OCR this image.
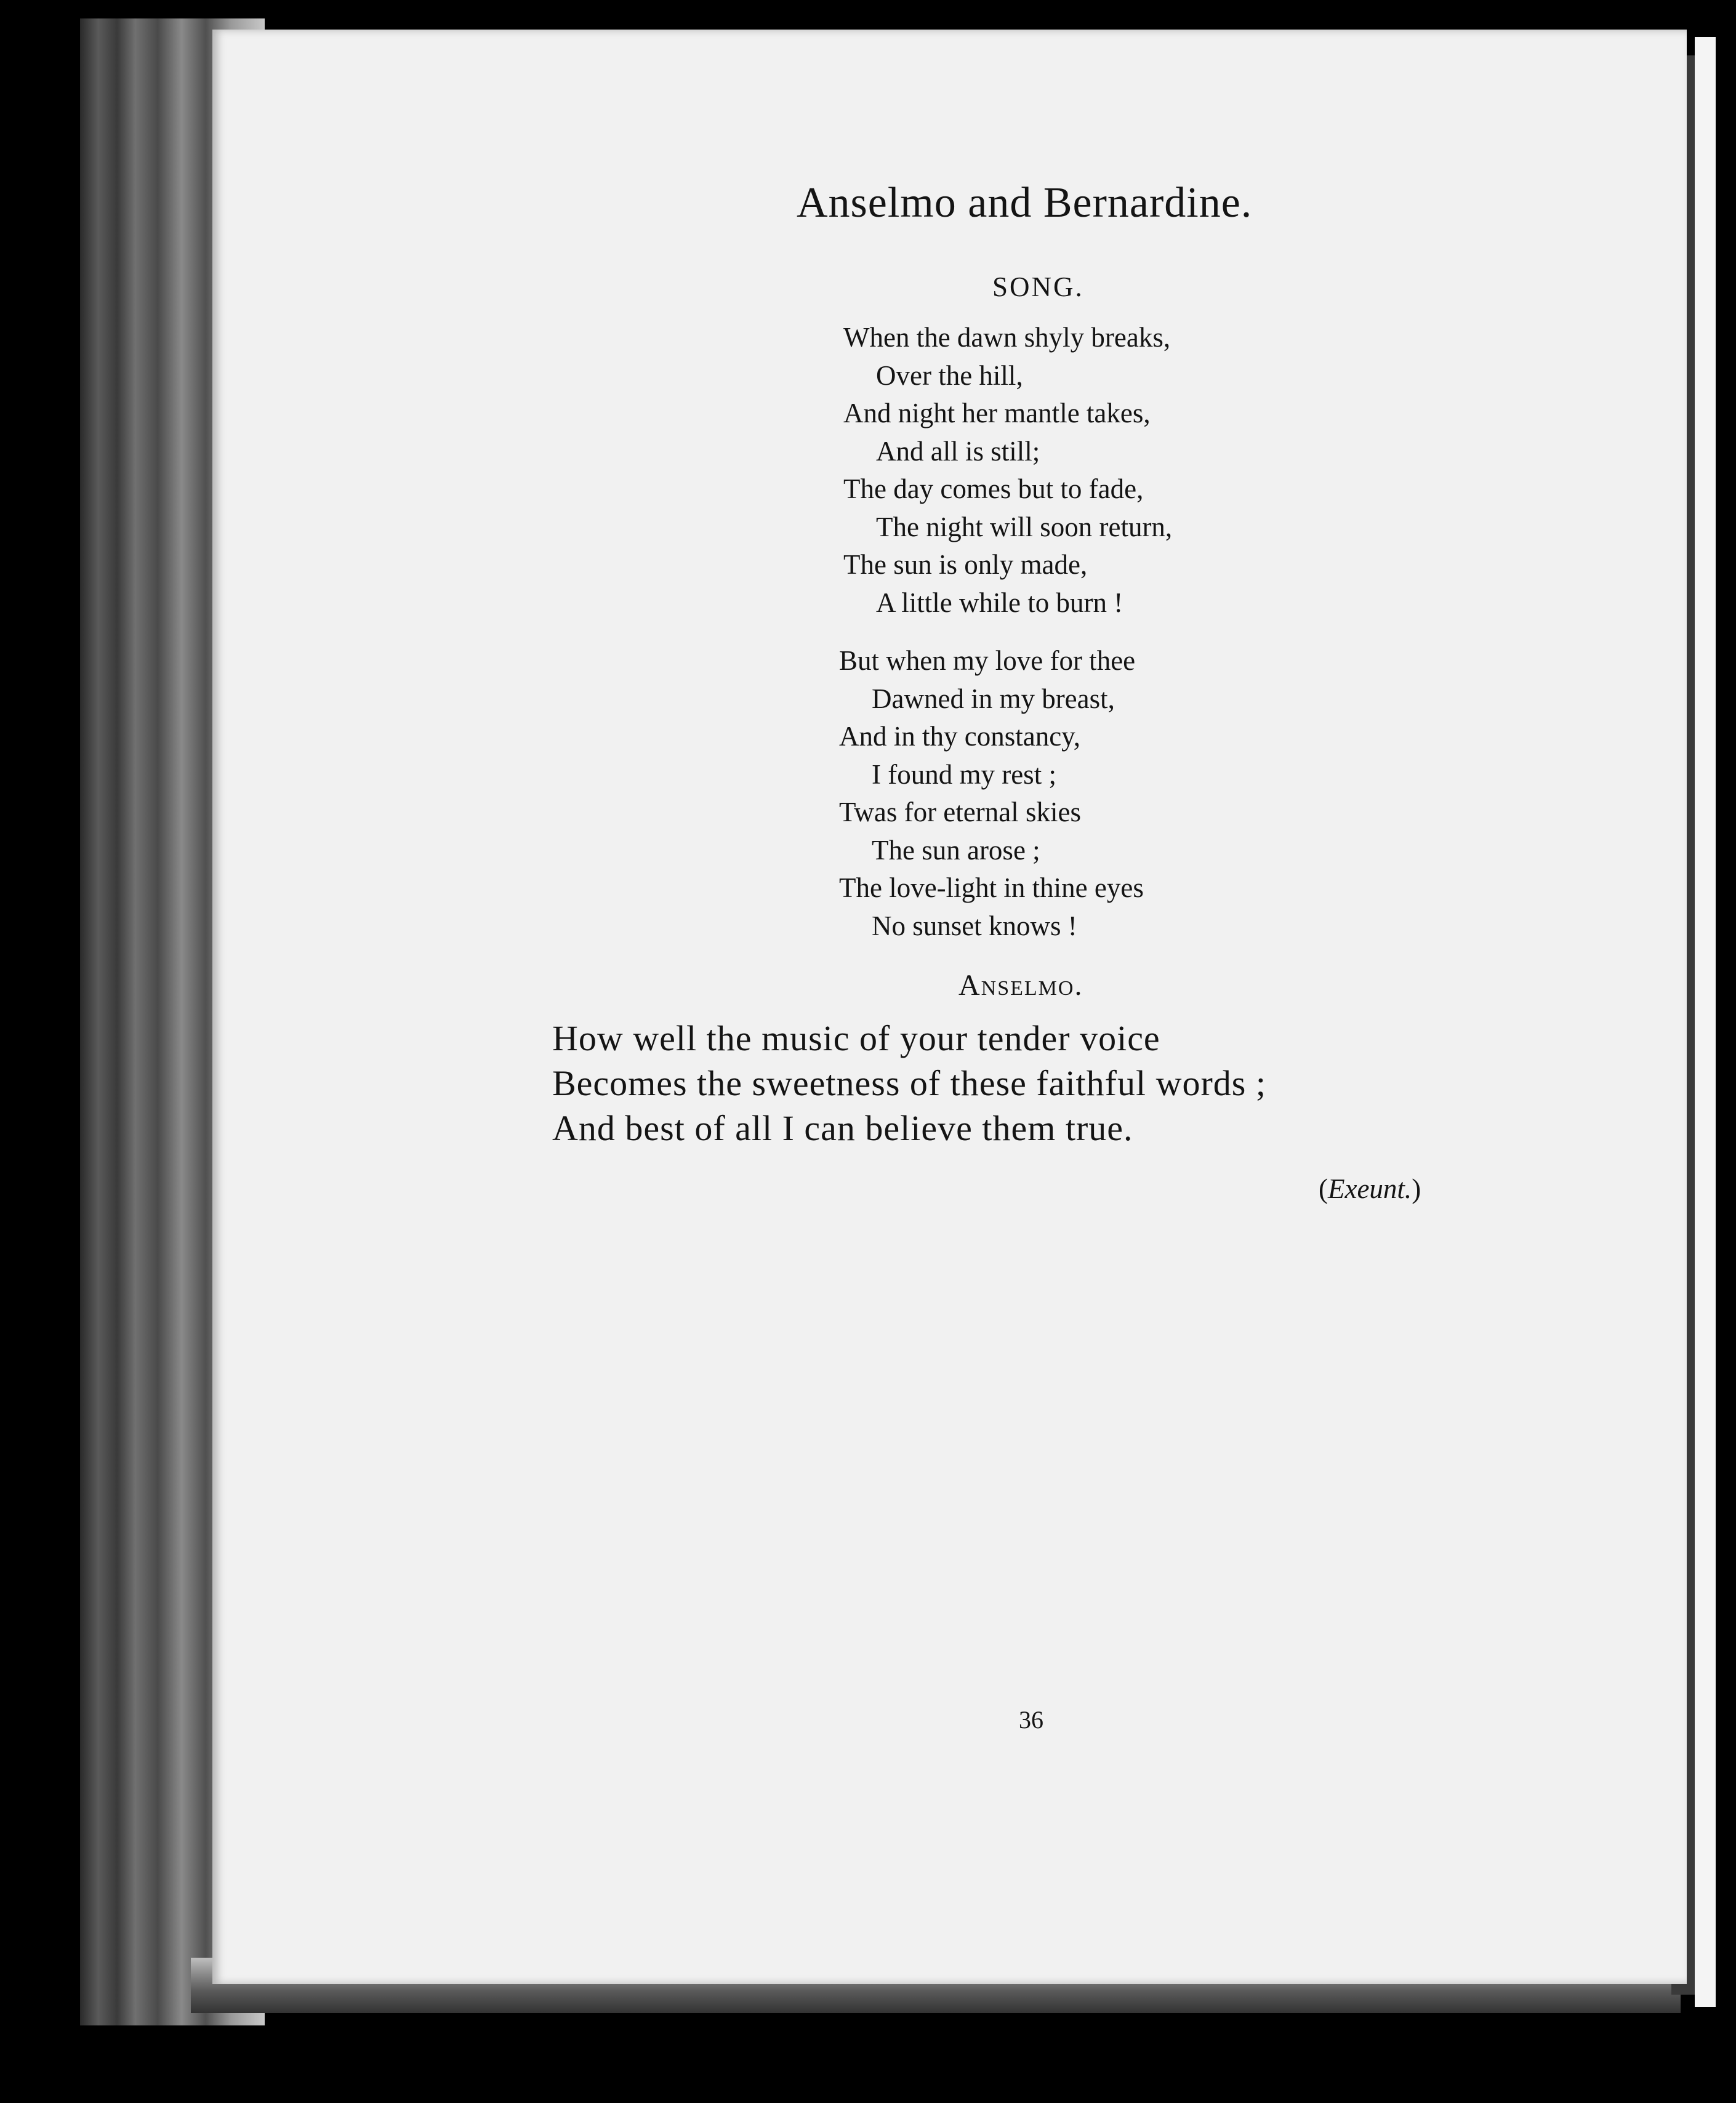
Anselmo and Bernardine.
SONG.
When the dawn shyly breaks,
Over the hill,
And night her mantle takes,
And all is still;
The day comes but to fade,
The night will soon return,
The sun is only made,
A little while to burn !
But when my love for thee
Dawned in my breast,
And in thy constancy,
I found my rest ;
Twas for eternal skies
The sun arose ;
The love-light in thine eyes
No sunset knows !
Anselmo.
How well the music of your tender voice
Becomes the sweetness of these faithful words ;
And best of all I can believe them true.
(Exeunt.)
36
